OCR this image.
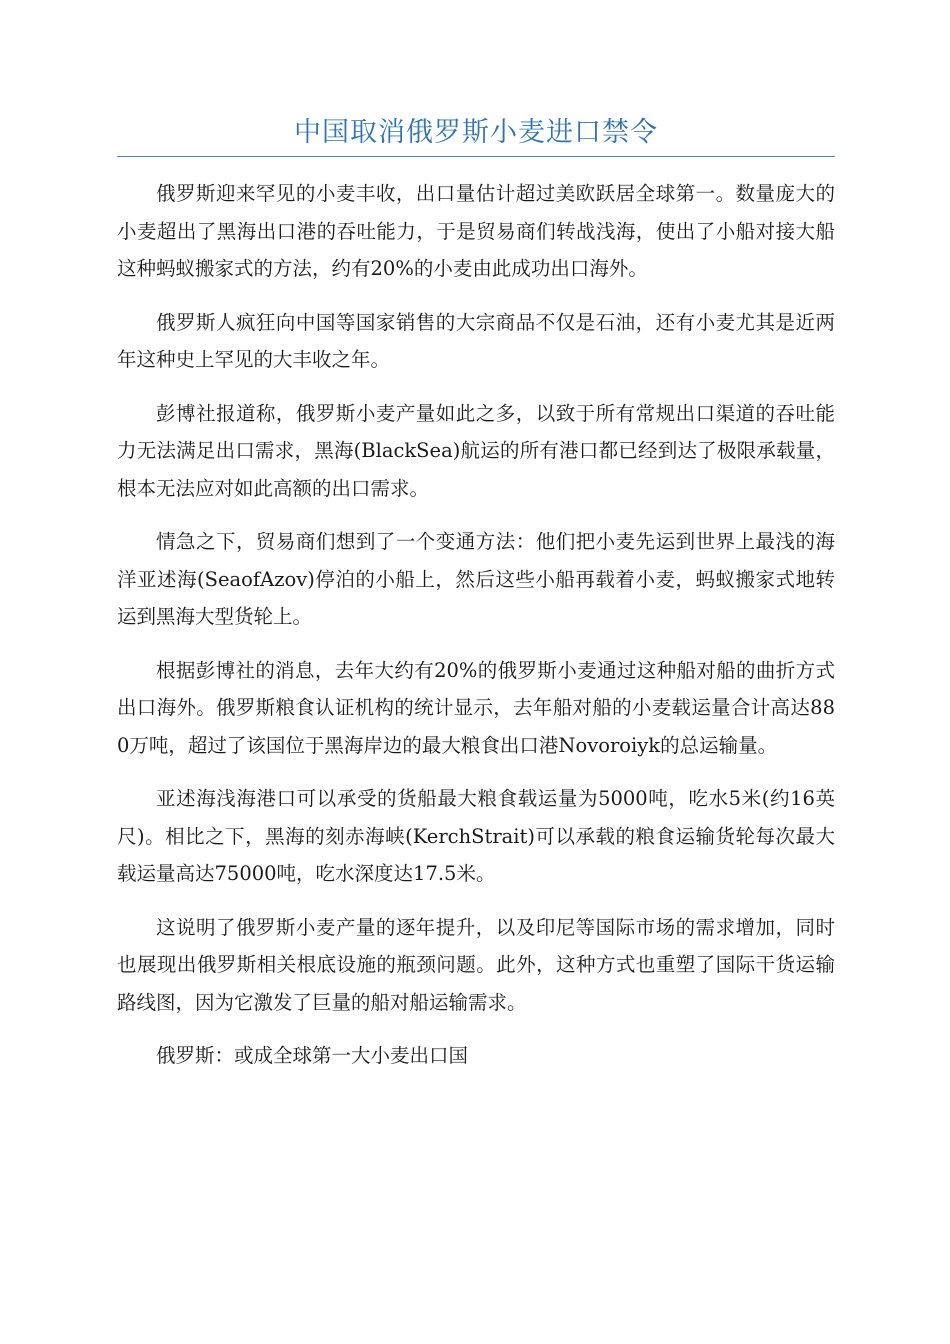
中国取消俄罗斯小麦进口禁令

俄罗斯迎来罕见的小麦丰收，出口量估计超过美欧跃居全球第一。数量庞大的小麦超出了黑海出口港的吞吐能力，于是贸易商们转战浅海，使出了小船对接大船这种蚂蚁搬家式的方法，约有20%的小麦由此成功出口海外。

俄罗斯人疯狂向中国等国家销售的大宗商品不仅是石油，还有小麦尤其是近两年这种史上罕见的大丰收之年。

彭博社报道称，俄罗斯小麦产量如此之多，以致于所有常规出口渠道的吞吐能力无法满足出口需求，黑海(BlackSea)航运的所有港口都已经到达了极限承载量，根本无法应对如此高额的出口需求。

情急之下，贸易商们想到了一个变通方法：他们把小麦先运到世界上最浅的海洋亚述海(SeaofAzov)停泊的小船上，然后这些小船再载着小麦，蚂蚁搬家式地转运到黑海大型货轮上。

根据彭博社的消息，去年大约有20%的俄罗斯小麦通过这种船对船的曲折方式出口海外。俄罗斯粮食认证机构的统计显示，去年船对船的小麦载运量合计高达880万吨，超过了该国位于黑海岸边的最大粮食出口港Novoroiyk的总运输量。

亚述海浅海港口可以承受的货船最大粮食载运量为5000吨，吃水5米(约16英尺)。相比之下，黑海的刻赤海峡(KerchStrait)可以承载的粮食运输货轮每次最大载运量高达75000吨，吃水深度达17.5米。

这说明了俄罗斯小麦产量的逐年提升，以及印尼等国际市场的需求增加，同时也展现出俄罗斯相关根底设施的瓶颈问题。此外，这种方式也重塑了国际干货运输路线图，因为它激发了巨量的船对船运输需求。

俄罗斯：或成全球第一大小麦出口国
